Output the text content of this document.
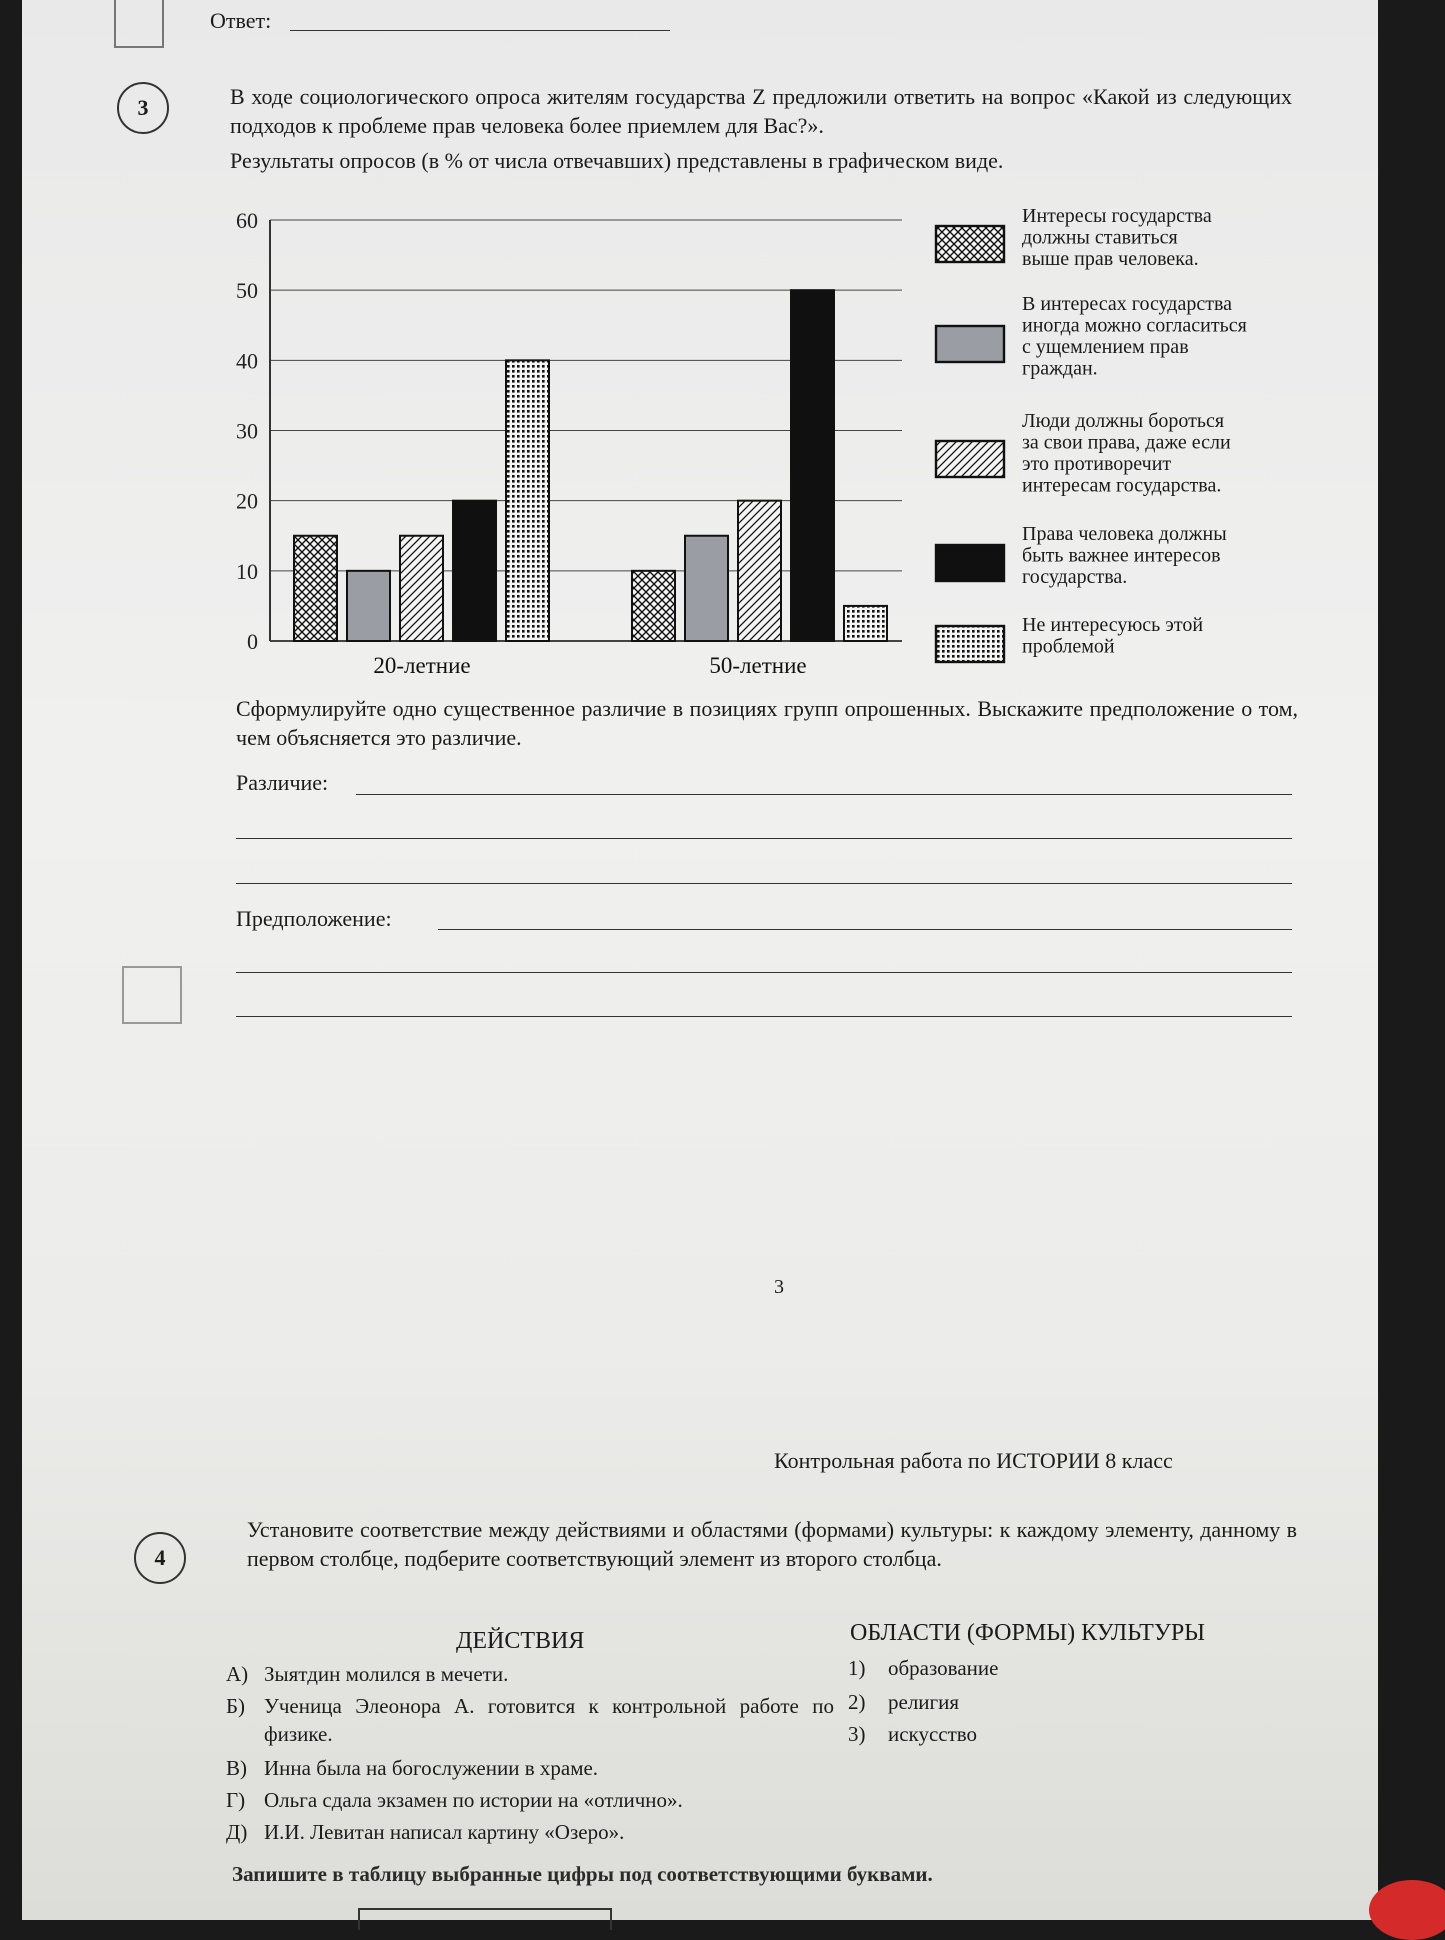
Ответ:
3	В ходе социологического опроса жителям государства Z предложили ответить на вопрос «Какой из следующих подходов к проблеме прав человека более приемлем для Вас?».
Результаты опросов (в % от числа отвечавших) представлены в графическом виде.
0
10
20
30
40
50
60
20-летние	50-летние
Интересы государства
должны ставиться
выше прав человека.
В интересах государства
иногда можно согласиться
с ущемлением прав
граждан.
Люди должны бороться
за свои права, даже если
это противоречит
интересам государства.
Права человека должны
быть важнее интересов
государства.
Не интересуюсь этой
проблемой
Сформулируйте одно существенное различие в позициях групп опрошенных. Выскажите предположение о том, чем объясняется это различие.
Различие:
Предположение:
3
Контрольная работа по ИСТОРИИ 8 класс
4
Установите соответствие между действиями и областями (формами) культуры: к каждому элементу, данному в первом столбце, подберите соответствующий элемент из второго столбца.
ДЕЙСТВИЯ	ОБЛАСТИ (ФОРМЫ) КУЛЬТУРЫ
А) Зыятдин молился в мечети.
Б) Ученица Элеонора А. готовится к контрольной работе по физике.
В) Инна была на богослужении в храме.
Г) Ольга сдала экзамен по истории на «отлично».
Д) И.И. Левитан написал картину «Озеро».
1) образование
2) религия
3) искусство
Запишите в таблицу выбранные цифры под соответствующими буквами.
